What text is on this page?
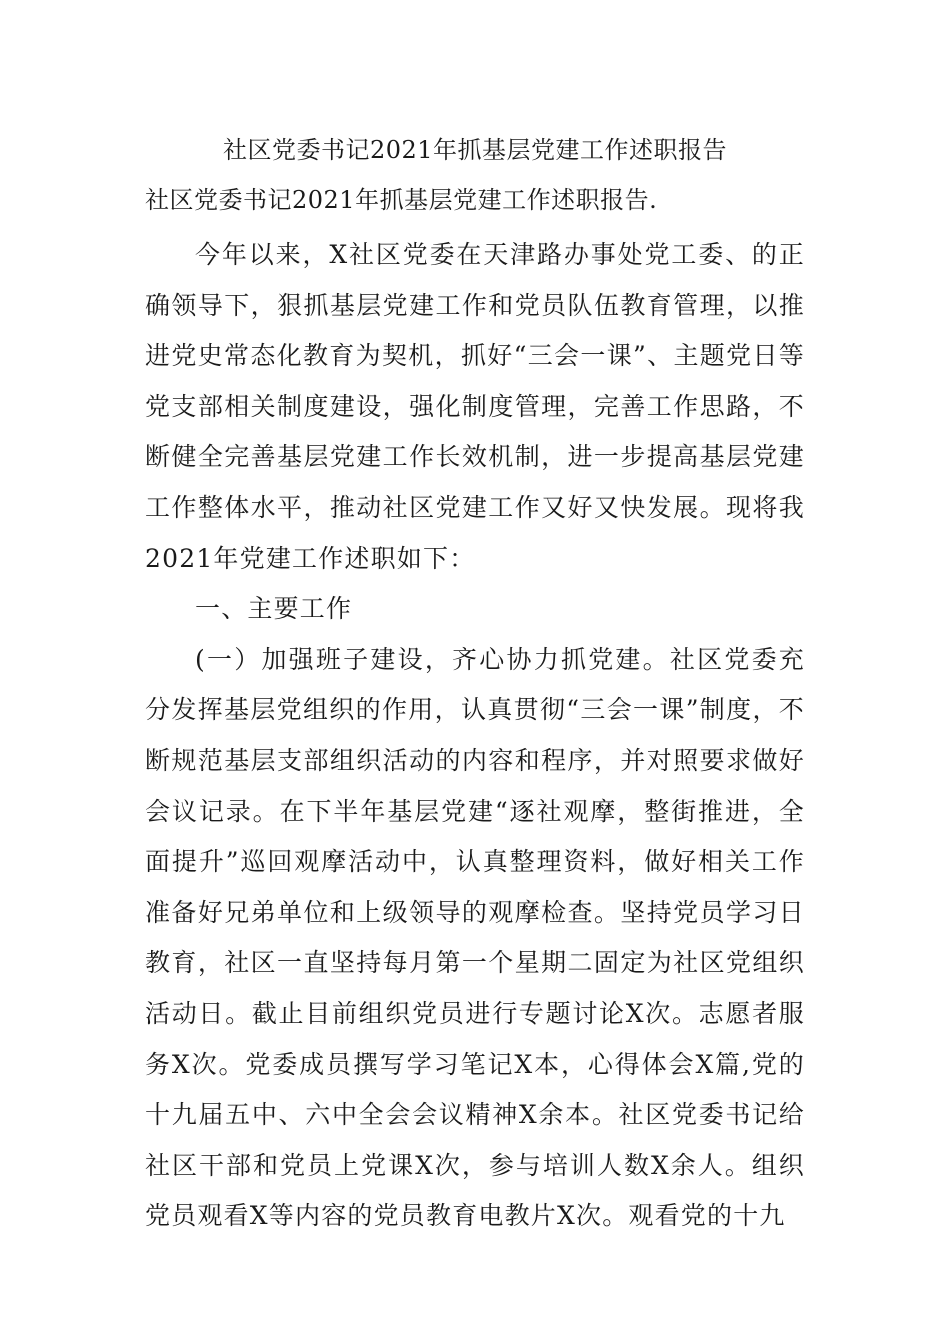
社区党委书记2021年抓基层党建工作述职报告

社区党委书记2021年抓基层党建工作述职报告.

今年以来，X社区党委在天津路办事处党工委、的正确领导下，狠抓基层党建工作和党员队伍教育管理，以推进党史常态化教育为契机，抓好“三会一课”、主题党日等党支部相关制度建设，强化制度管理，完善工作思路，不断健全完善基层党建工作长效机制，进一步提高基层党建工作整体水平，推动社区党建工作又好又快发展。现将我2021年党建工作述职如下：

一、主要工作

(一）加强班子建设，齐心协力抓党建。社区党委充分发挥基层党组织的作用，认真贯彻“三会一课”制度，不断规范基层支部组织活动的内容和程序，并对照要求做好会议记录。在下半年基层党建“逐社观摩，整街推进，全面提升”巡回观摩活动中，认真整理资料，做好相关工作准备好兄弟单位和上级领导的观摩检查。坚持党员学习日教育，社区一直坚持每月第一个星期二固定为社区党组织活动日。截止目前组织党员进行专题讨论X次。志愿者服务X次。党委成员撰写学习笔记X本，心得体会X篇,党的十九届五中、六中全会会议精神X余本。社区党委书记给社区干部和党员上党课X次，参与培训人数X余人。组织党员观看X等内容的党员教育电教片X次。观看党的十九
